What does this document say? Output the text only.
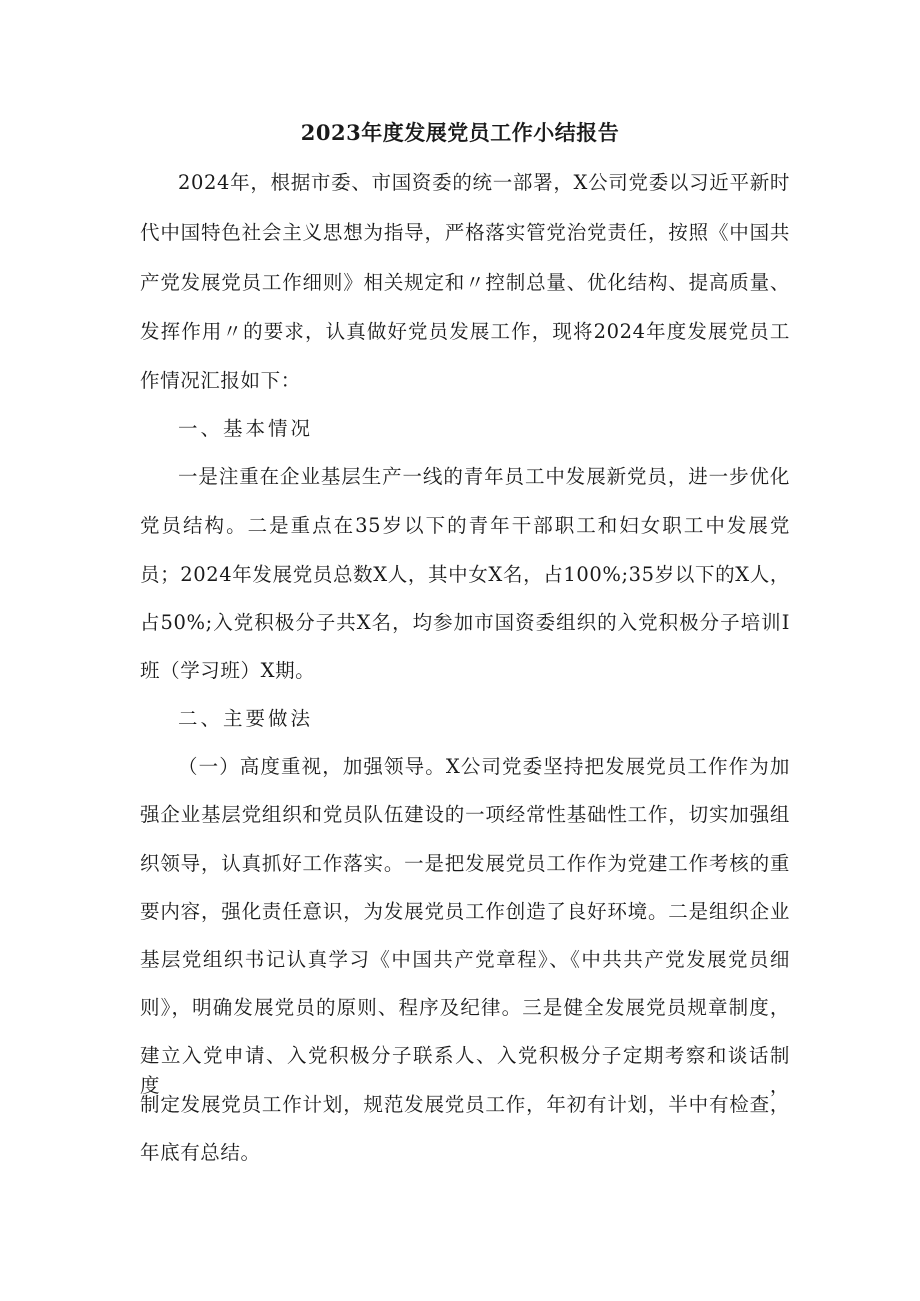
2023年度发展党员工作小结报告

2024年，根据市委、市国资委的统一部署，X公司党委以习近平新时

代中国特色社会主义思想为指导，严格落实管党治党责任，按照《中国共

产党发展党员工作细则》相关规定和〃控制总量、优化结构、提高质量、

发挥作用〃的要求，认真做好党员发展工作，现将2024年度发展党员工

作情况汇报如下：

一、基本情况

一是注重在企业基层生产一线的青年员工中发展新党员，进一步优化

党员结构。二是重点在35岁以下的青年干部职工和妇女职工中发展党

员；2024年发展党员总数X人，其中女X名，占100%;35岁以下的X人，

占50%;入党积极分子共X名，均参加市国资委组织的入党积极分子培训I

班（学习班）X期。

二、主要做法

（一）高度重视，加强领导。X公司党委坚持把发展党员工作作为加

强企业基层党组织和党员队伍建设的一项经常性基础性工作，切实加强组

织领导，认真抓好工作落实。一是把发展党员工作作为党建工作考核的重

要内容，强化责任意识，为发展党员工作创造了良好环境。二是组织企业

基层党组织书记认真学习《中国共产党章程》、《中共共产党发展党员细

则》，明确发展党员的原则、程序及纪律。三是健全发展党员规章制度，

建立入党申请、入党积极分子联系人、入党积极分子定期考察和谈话制度，

制定发展党员工作计划，规范发展党员工作，年初有计划，半中有检查，

年底有总结。
